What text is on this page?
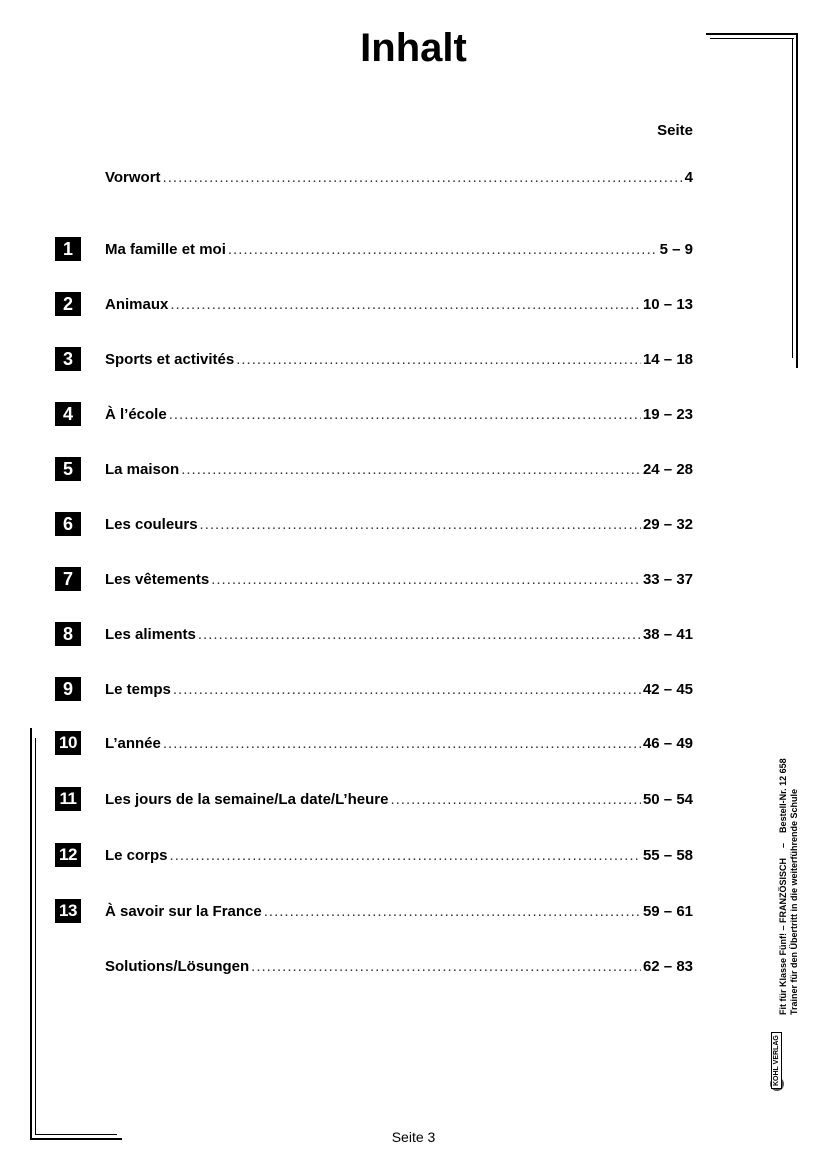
Inhalt
Seite
Vorwort .....	4
1	Ma famille et moi .....	5 – 9
2	Animaux .....	10 – 13
3	Sports et activités .....	14 – 18
4	À l’école .....	19 – 23
5	La maison .....	24 – 28
6	Les couleurs .....	29 – 32
7	Les vêtements .....	33 – 37
8	Les aliments .....	38 – 41
9	Le temps .....	42 – 45
10 L’année .....	46 – 49
11	Les jours de la semaine/La date/L’heure .....	50 – 54
12 Le corps .....	55 – 58
13 À savoir sur la France .....	59 – 61
Solutions/Lösungen .....	62 – 83	Fit für Klasse Fünf! – FRANZÖSISCH    –    Bestell-Nr. 12 658 Trainer für den Übertritt in die weiterführende Schule
KOHL VERLAG
Seite 3
